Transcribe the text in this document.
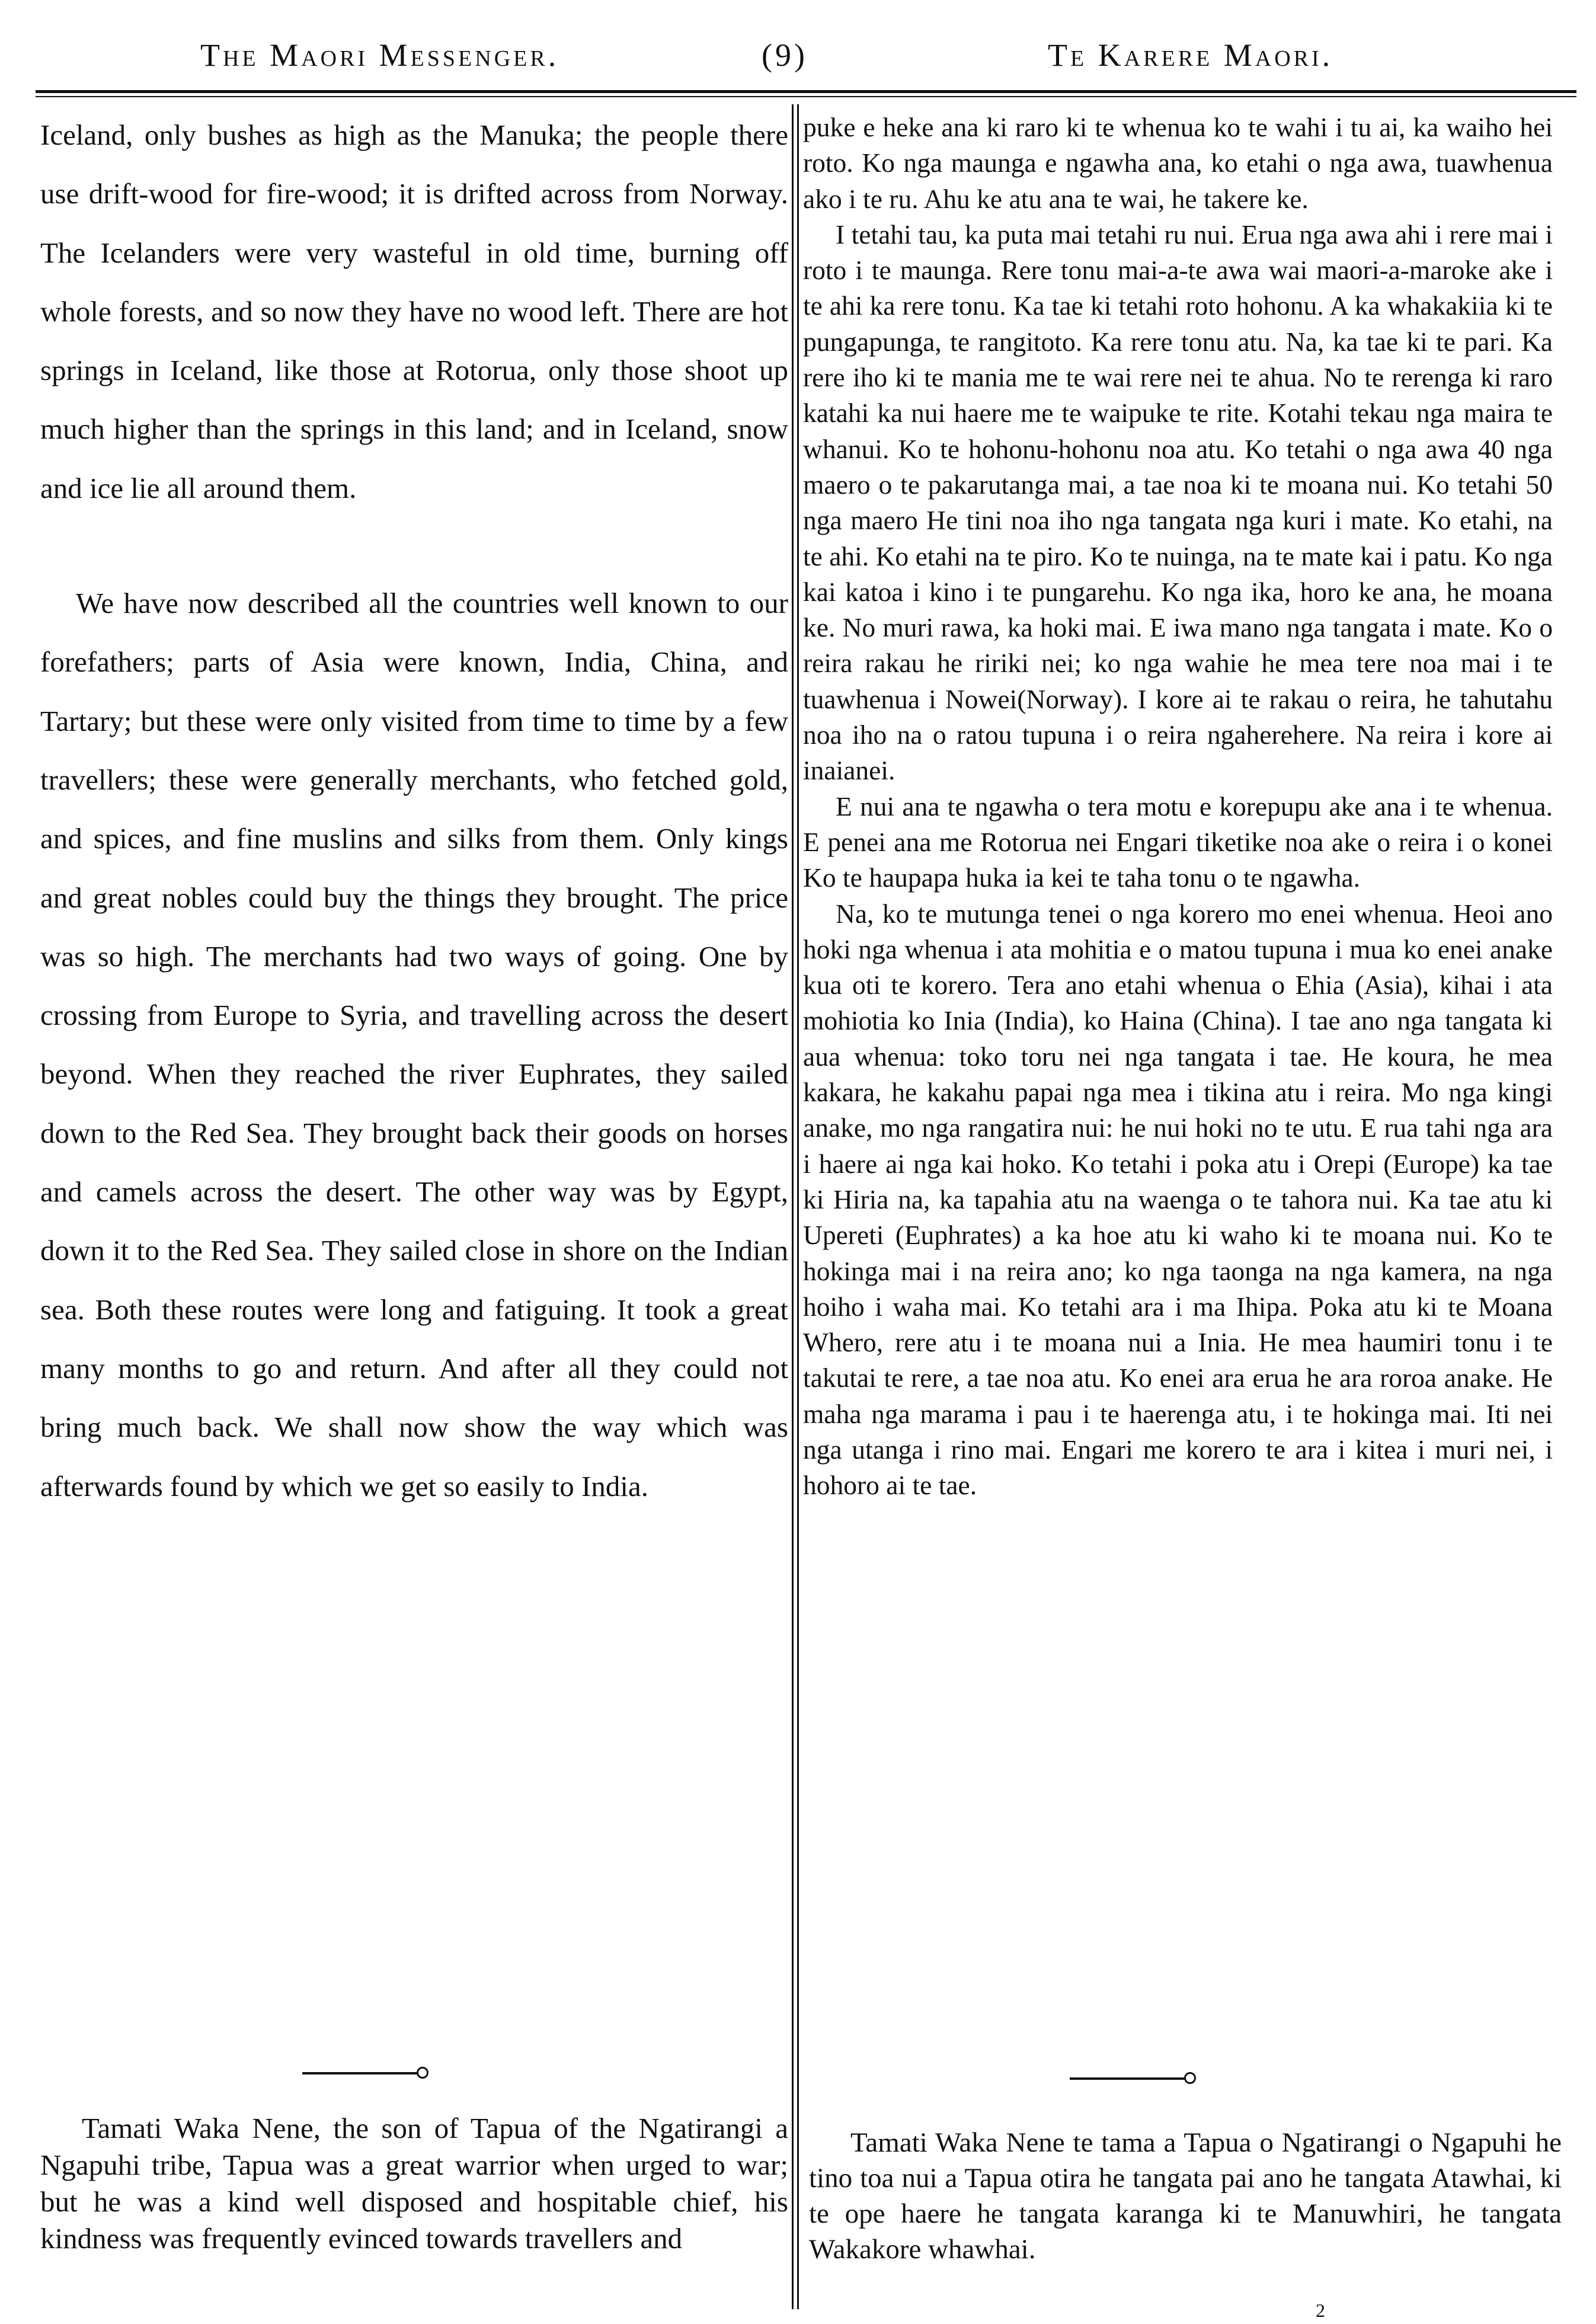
The Maori Messenger.	(9)	Te Karere Maori.

Iceland, only bushes as high as the Manuka; the people there use drift-wood for fire-wood; it is drifted across from Norway. The Icelanders were very wasteful in old time, burning off whole forests, and so now they have no wood left. There are hot springs in Iceland, like those at Rotorua, only those shoot up much higher than the springs in this land; and in Iceland, snow and ice lie all around them.

We have now described all the countries well known to our forefathers; parts of Asia were known, India, China, and Tartary; but these were only visited from time to time by a few travellers; these were generally merchants, who fetched gold, and spices, and fine muslins and silks from them. Only kings and great nobles could buy the things they brought. The price was so high. The merchants had two ways of going. One by crossing from Europe to Syria, and travelling across the desert beyond. When they reached the river Euphrates, they sailed down to the Red Sea. They brought back their goods on horses and camels across the desert. The other way was by Egypt, down it to the Red Sea. They sailed close in shore on the Indian sea. Both these routes were long and fatiguing. It took a great many months to go and return. And after all they could not bring much back. We shall now show the way which was afterwards found by which we get so easily to India.

puke e heke ana ki raro ki te whenua ko te wahi i tu ai, ka waiho hei roto. Ko nga maunga e ngawha ana, ko etahi o nga awa, tuawhenua ako i te ru. Ahu ke atu ana te wai, he takere ke.

I tetahi tau, ka puta mai tetahi ru nui. Erua nga awa ahi i rere mai i roto i te maunga. Rere tonu mai-a-te awa wai maori-a-maroke ake i te ahi ka rere tonu. Ka tae ki tetahi roto hohonu. A ka whakakiia ki te pungapunga, te rangitoto. Ka rere tonu atu. Na, ka tae ki te pari. Ka rere iho ki te mania me te wai rere nei te ahua. No te rerenga ki raro katahi ka nui haere me te waipuke te rite. Kotahi tekau nga maira te whanui. Ko te hohonu-hohonu noa atu. Ko tetahi o nga awa 40 nga maero o te pakarutanga mai, a tae noa ki te moana nui. Ko tetahi 50 nga maero He tini noa iho nga tangata nga kuri i mate. Ko etahi, na te ahi. Ko etahi na te piro. Ko te nuinga, na te mate kai i patu. Ko nga kai katoa i kino i te pungarehu. Ko nga ika, horo ke ana, he moana ke. No muri rawa, ka hoki mai. E iwa mano nga tangata i mate. Ko o reira rakau he ririki nei; ko nga wahie he mea tere noa mai i te tuawhenua i Nowei(Norway). I kore ai te rakau o reira, he tahutahu noa iho na o ratou tupuna i o reira ngaherehere. Na reira i kore ai inaianei.

E nui ana te ngawha o tera motu e korepupu ake ana i te whenua. E penei ana me Rotorua nei Engari tiketike noa ake o reira i o konei Ko te haupapa huka ia kei te taha tonu o te ngawha.

Na, ko te mutunga tenei o nga korero mo enei whenua. Heoi ano hoki nga whenua i ata mohitia e o matou tupuna i mua ko enei anake kua oti te korero. Tera ano etahi whenua o Ehia (Asia), kihai i ata mohiotia ko Inia (India), ko Haina (China). I tae ano nga tangata ki aua whenua: toko toru nei nga tangata i tae. He koura, he mea kakara, he kakahu papai nga mea i tikina atu i reira. Mo nga kingi anake, mo nga rangatira nui: he nui hoki no te utu. E rua tahi nga ara i haere ai nga kai hoko. Ko tetahi i poka atu i Orepi (Europe) ka tae ki Hiria na, ka tapahia atu na waenga o te tahora nui. Ka tae atu ki Upereti (Euphrates) a ka hoe atu ki waho ki te moana nui. Ko te hokinga mai i na reira ano; ko nga taonga na nga kamera, na nga hoiho i waha mai. Ko tetahi ara i ma Ihipa. Poka atu ki te Moana Whero, rere atu i te moana nui a Inia. He mea haumiri tonu i te takutai te rere, a tae noa atu. Ko enei ara erua he ara roroa anake. He maha nga marama i pau i te haerenga atu, i te hokinga mai. Iti nei nga utanga i rino mai. Engari me korero te ara i kitea i muri nei, i hohoro ai te tae.

Tamati Waka Nene, the son of Tapua of the Ngatirangi a Ngapuhi tribe, Tapua was a great warrior when urged to war; but he was a kind well disposed and hospitable chief, his kindness was frequently evinced towards travellers and

Tamati Waka Nene te tama a Tapua o Ngatirangi o Ngapuhi he tino toa nui a Tapua otira he tangata pai ano he tangata Atawhai, ki te ope haere he tangata karanga ki te Manuwhiri, he tangata Wakakore whawhai.

2
